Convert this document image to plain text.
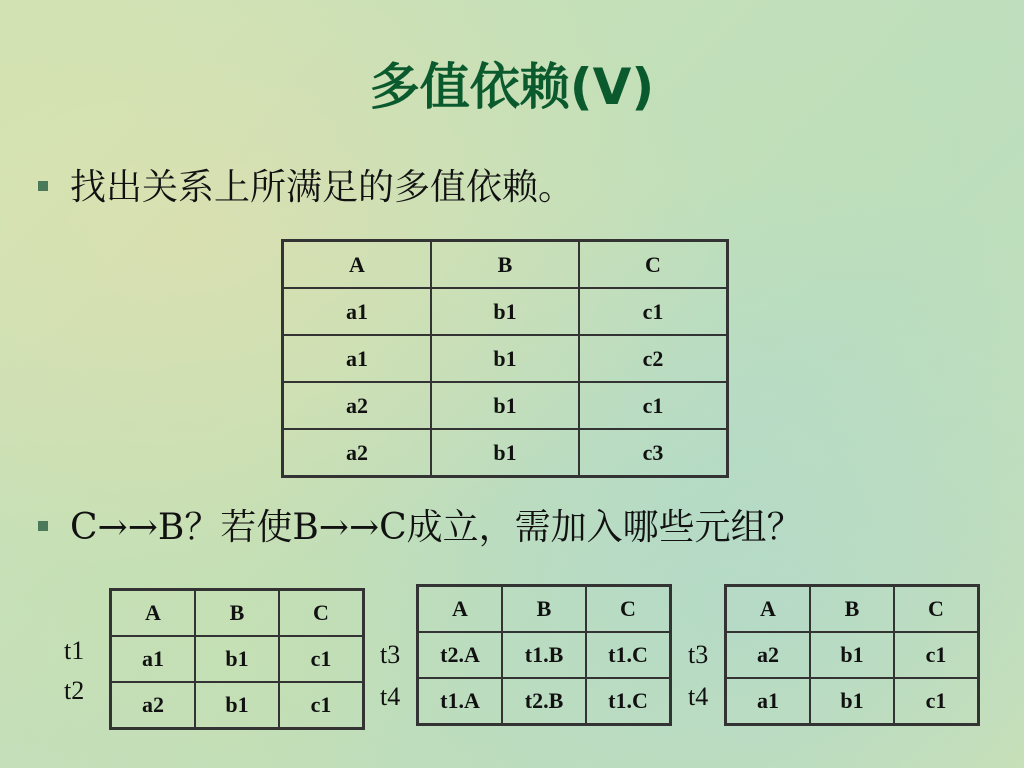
多值依赖(V)
找出关系上所满足的多值依赖。
A	B	C
a1	b1	c1
a1	b1	c2
a2	b1	c1
a2	b1	c3
C→→B？若使B→→C成立，需加入哪些元组？
t1
t2
A	B	C
a1	b1	c1
a2	b1	c1
t3
t4
A	B	C
t2.A	t1.B	t1.C
t1.A	t2.B	t1.C
t3
t4
A	B	C
a2	b1	c1
a1	b1	c1
